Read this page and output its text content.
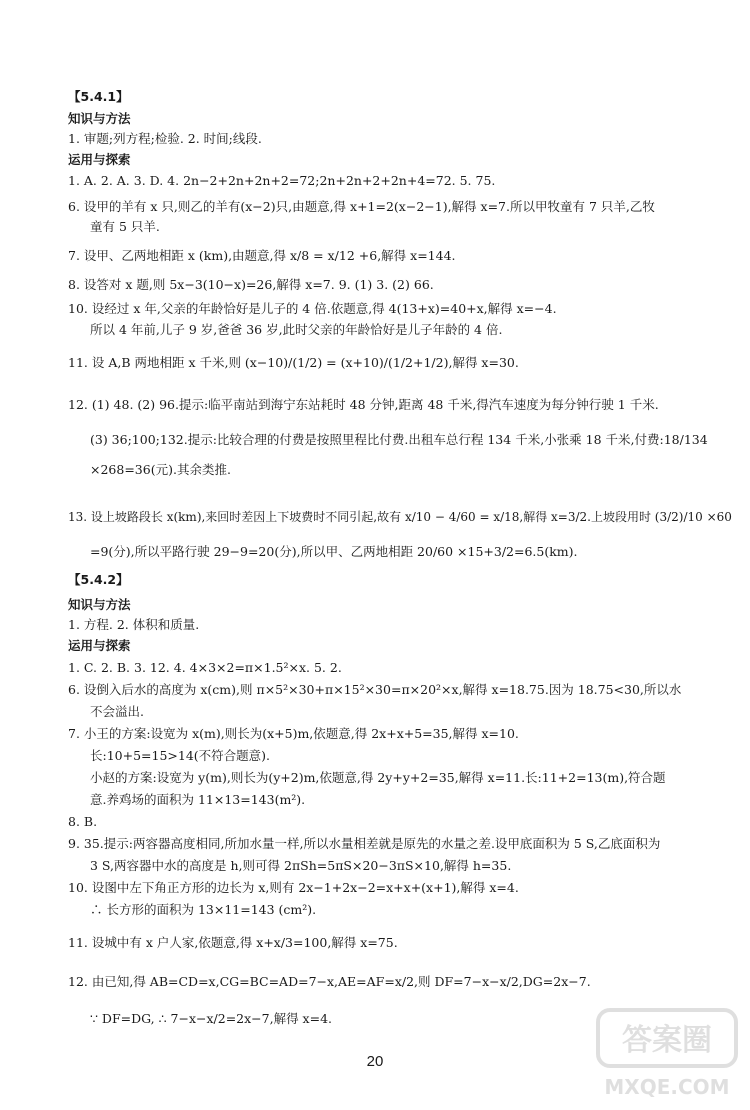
【5.4.1】
知识与方法
1. 审题;列方程;检验. 2. 时间;线段.
运用与探索
1. A. 2. A. 3. D. 4. 2n−2+2n+2n+2=72;2n+2n+2+2n+4=72. 5. 75.
6. 设甲的羊有 x 只,则乙的羊有(x−2)只,由题意,得 x+1=2(x−2−1),解得 x=7.所以甲牧童有 7 只羊,乙牧
童有 5 只羊.
7. 设甲、乙两地相距 x (km),由题意,得 x/8 = x/12 +6,解得 x=144.
8. 设答对 x 题,则 5x−3(10−x)=26,解得 x=7. 9. (1) 3. (2) 66.
10. 设经过 x 年,父亲的年龄恰好是儿子的 4 倍.依题意,得 4(13+x)=40+x,解得 x=−4.
所以 4 年前,儿子 9 岁,爸爸 36 岁,此时父亲的年龄恰好是儿子年龄的 4 倍.
11. 设 A,B 两地相距 x 千米,则 (x−10)/(1/2) = (x+10)/(1/2+1/2),解得 x=30.
12. (1) 48. (2) 96.提示:临平南站到海宁东站耗时 48 分钟,距离 48 千米,得汽车速度为每分钟行驶 1 千米.
(3) 36;100;132.提示:比较合理的付费是按照里程比付费.出租车总行程 134 千米,小张乘 18 千米,付费:18/134
×268=36(元).其余类推.
13. 设上坡路段长 x(km),来回时差因上下坡费时不同引起,故有 x/10 − 4/60 = x/18,解得 x=3/2.上坡段用时 (3/2)/10 ×60
=9(分),所以平路行驶 29−9=20(分),所以甲、乙两地相距 20/60 ×15+3/2=6.5(km).
【5.4.2】
知识与方法
1. 方程. 2. 体积和质量.
运用与探索
1. C. 2. B. 3. 12. 4. 4×3×2=π×1.5²×x. 5. 2.
6. 设倒入后水的高度为 x(cm),则 π×5²×30+π×15²×30=π×20²×x,解得 x=18.75.因为 18.75<30,所以水
不会溢出.
7. 小王的方案:设宽为 x(m),则长为(x+5)m,依题意,得 2x+x+5=35,解得 x=10.
长:10+5=15>14(不符合题意).
小赵的方案:设宽为 y(m),则长为(y+2)m,依题意,得 2y+y+2=35,解得 x=11.长:11+2=13(m),符合题
意.养鸡场的面积为 11×13=143(m²).
8. B.
9. 35.提示:两容器高度相同,所加水量一样,所以水量相差就是原先的水量之差.设甲底面积为 5 S,乙底面积为
3 S,两容器中水的高度是 h,则可得 2πSh=5πS×20−3πS×10,解得 h=35.
10. 设图中左下角正方形的边长为 x,则有 2x−1+2x−2=x+x+(x+1),解得 x=4.
∴ 长方形的面积为 13×11=143 (cm²).
11. 设城中有 x 户人家,依题意,得 x+x/3=100,解得 x=75.
12. 由已知,得 AB=CD=x,CG=BC=AD=7−x,AE=AF=x/2,则 DF=7−x−x/2,DG=2x−7.
∵ DF=DG, ∴ 7−x−x/2=2x−7,解得 x=4.
20
答案圈
MXQE.COM
